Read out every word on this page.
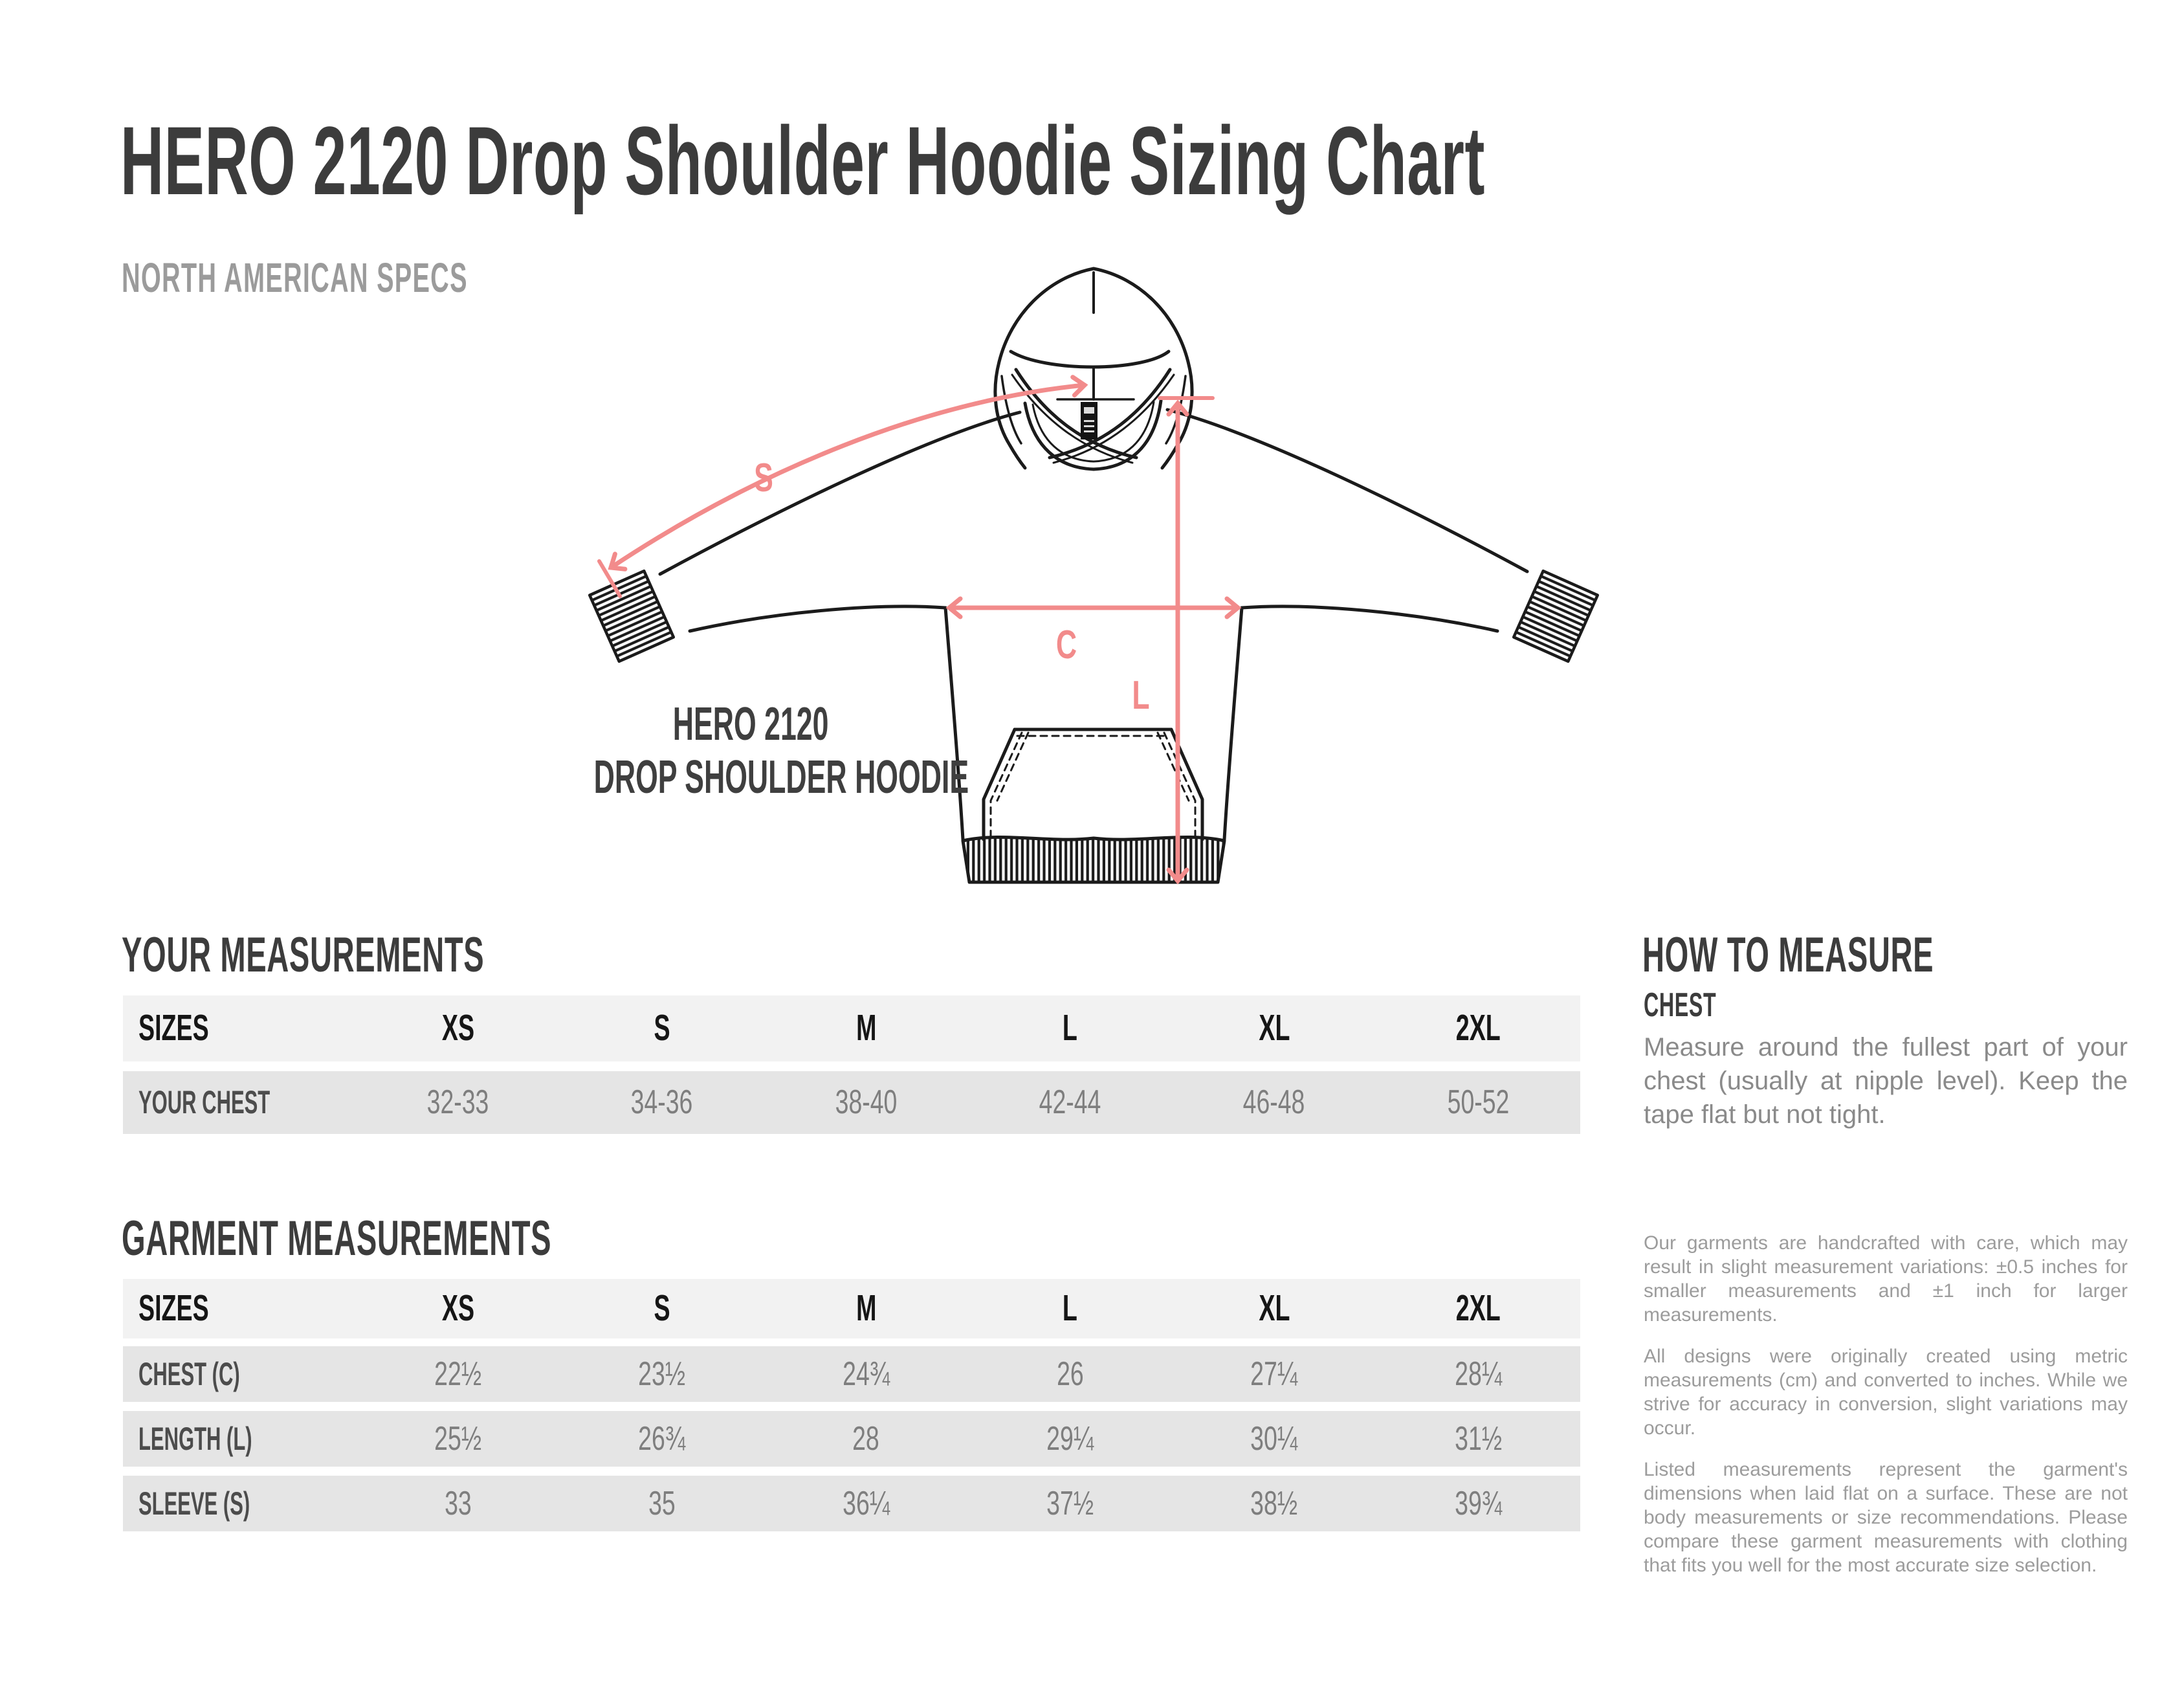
HERO 2120 Drop Shoulder Hoodie Sizing Chart
NORTH AMERICAN SPECS
S
C
L
HERO 2120
DROP SHOULDER HOODIE
YOUR MEASUREMENTS
SIZES	XS	S	M	L	XL	2XL
YOUR CHEST	32-33	34-36	38-40	42-44	46-48	50-52
GARMENT MEASUREMENTS
SIZES	XS	S	M	L	XL	2XL
CHEST (C)	22½	23½	24¾	26	27¼	28¼
LENGTH (L)	25½	26¾	28	29¼	30¼	31½
SLEEVE (S)	33	35	36¼	37½	38½	39¾
HOW TO MEASURE
CHEST
Measure around the fullest part of your chest (usually at nipple level). Keep the tape flat but not tight.

Our garments are handcrafted with care, which may result in slight measurement variations: ±0.5 inches for smaller measurements and ±1 inch for larger measurements.

All designs were originally created using metric measurements (cm) and converted to inches. While we strive for accuracy in conversion, slight variations may occur.

Listed measurements represent the garment's dimensions when laid flat on a surface. These are not body measurements or size recommendations. Please compare these garment measurements with clothing that fits you well for the most accurate size selection.
